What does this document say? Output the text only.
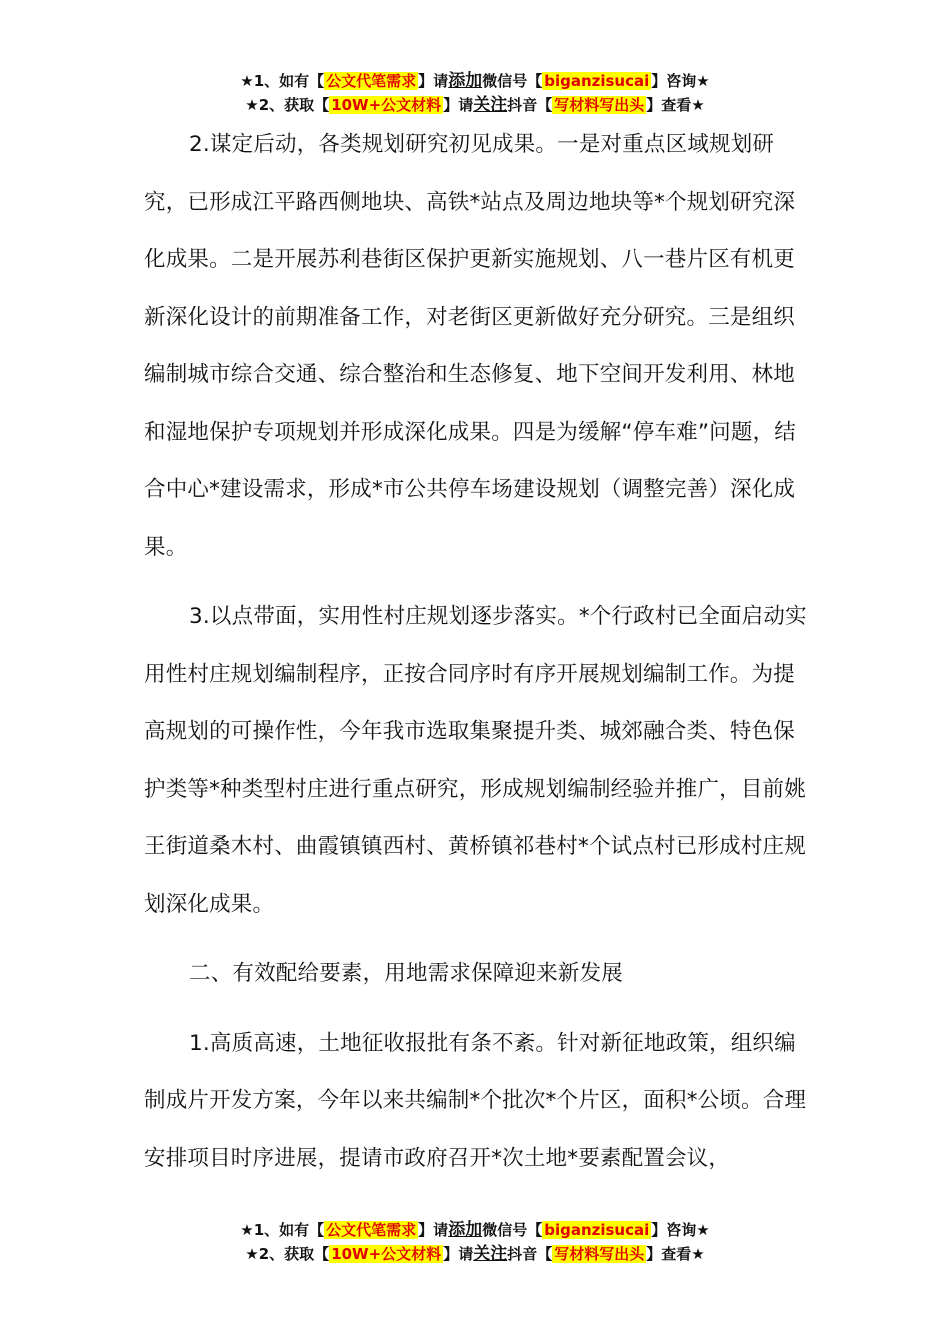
★1、如有【 公文代笔需求 】请添加微信号【 biganzisucai 】咨询★
★2、获取【 10W+公文材料 】请关注抖音【 写材料写出头 】查看★

2.谋定后动，各类规划研究初见成果。一是对重点区域规划研究，已形成江平路西侧地块、高铁*站点及周边地块等*个规划研究深化成果。二是开展苏利巷街区保护更新实施规划、八一巷片区有机更新深化设计的前期准备工作，对老街区更新做好充分研究。三是组织编制城市综合交通、综合整治和生态修复、地下空间开发利用、林地和湿地保护专项规划并形成深化成果。四是为缓解“停车难”问题，结合中心*建设需求，形成*市公共停车场建设规划（调整完善）深化成果。

3.以点带面，实用性村庄规划逐步落实。*个行政村已全面启动实用性村庄规划编制程序，正按合同序时有序开展规划编制工作。为提高规划的可操作性，今年我市选取集聚提升类、城郊融合类、特色保护类等*种类型村庄进行重点研究，形成规划编制经验并推广，目前姚王街道桑木村、曲霞镇镇西村、黄桥镇祁巷村*个试点村已形成村庄规划深化成果。

二、有效配给要素，用地需求保障迎来新发展

1.高质高速，土地征收报批有条不紊。针对新征地政策，组织编制成片开发方案，今年以来共编制*个批次*个片区，面积*公顷。合理安排项目时序进展，提请市政府召开*次土地*要素配置会议，

★1、如有【 公文代笔需求 】请添加微信号【 biganzisucai 】咨询★
★2、获取【 10W+公文材料 】请关注抖音【 写材料写出头 】查看★
